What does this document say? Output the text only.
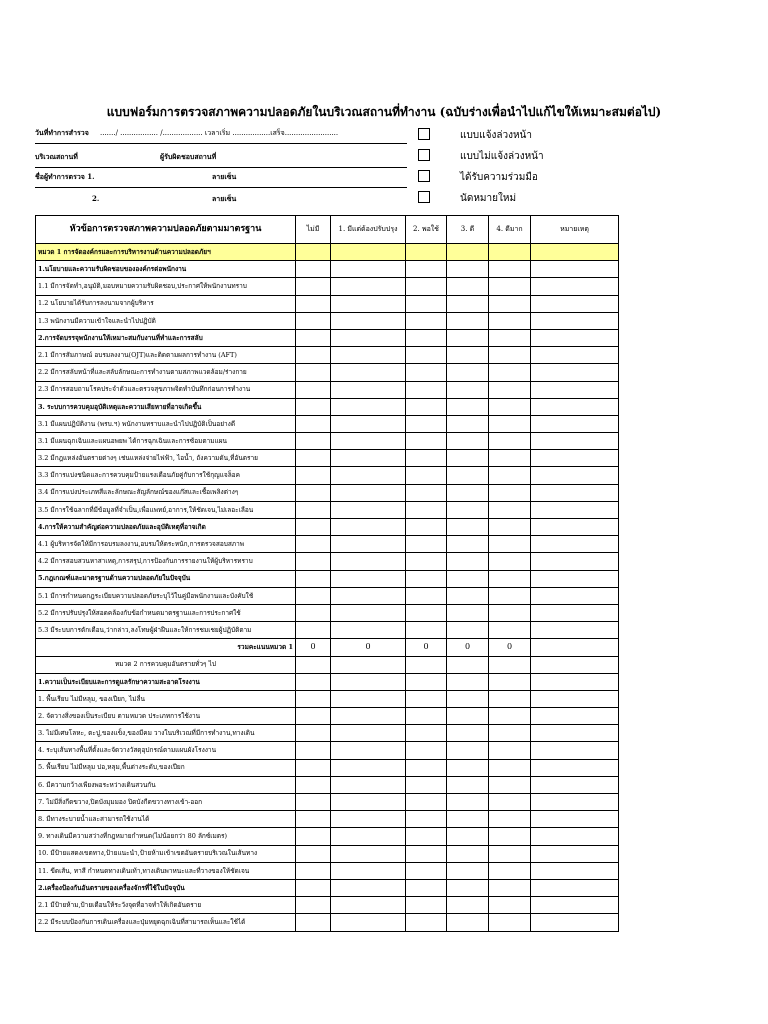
แบบฟอร์มการตรวจสภาพความปลอดภัยในบริเวณสถานที่ทำงาน (ฉบับร่างเพื่อนำไปแก้ไขให้เหมาะสมต่อไป)
วันที่ทำการสำรวจ ......./ ................. /.................. เวลาเริ่ม .................เสร็จ........................
บริเวณสถานที่	ผู้รับผิดชอบสถานที่
ชื่อผู้ทำการตรวจ 1.	ลายเซ็น
2.	ลายเซ็น
แบบแจ้งล่วงหน้า
แบบไม่แจ้งล่วงหน้า
ได้รับความร่วมมือ
นัดหมายใหม่
หัวข้อการตรวจสภาพความปลอดภัยตามมาตรฐาน	ไม่มี	1. มีแต่ต้องปรับปรุง	2. พอใช้	3. ดี	4. ดีมาก	หมายเหตุ
หมวด 1 การจัดองค์กรและการบริหารงานด้านความปลอดภัยฯ						
1.นโยบายและความรับผิดชอบขององค์กรต่อพนักงาน						
1.1 มีการจัดทำ,อนุมัติ,มอบหมายความรับผิดชอบ,ประกาศให้พนักงานทราบ						
1.2 นโยบายได้รับการลงนามจากผู้บริหาร						
1.3 พนักงานมีความเข้าใจและนำไปปฏิบัติ						
2.การจัดบรรจุพนักงานให้เหมาะสมกับงานที่ทำและการสลับ						
2.1 มีการสัมภาษณ์ อบรมลงงาน(OJT)และติดตามผลการทำงาน (AFT)						
2.2 มีการสลับหน้าที่และสลับลักษณะการทำงานตามสภาพแวดล้อม/ร่างกาย						
2.3 มีการสอบถามโรคประจำตัวและตรวจสุขภาพจิตทำบันทึกก่อนการทำงาน						
3. ระบบการควบคุมอุบัติเหตุและความเสียหายที่อาจเกิดขึ้น						
3.1 มีแผนปฏิบัติงาน (พรบ.ฯ) พนักงานทราบและนำไปปฏิบัติเป็นอย่างดี						
3.1 มีแผนฉุกเฉินและแผนอพยพ ได้การฉุกเฉินและการซ้อมตามแผน						
3.2 มีกฎแหล่งอันตรายต่างๆ เช่นแหล่งจ่ายไฟฟ้า, ไอน้ำ, ถังความดัน,ที่อันตราย						
3.3 มีการแบ่งชนิดและการควบคุมป้ายแรงเตือนภัยคู่กับการใช้กุญแจล็อค						
3.4 มีการแบ่งประเภทสีและลักษณะสัญลักษณ์ของแก๊สและเชื้อเพลิงต่างๆ						
3.5 มีการใช้ฉลากที่มีข้อมูลที่จำเป็น,เพื่อแพทย์,อาการ,ให้ชัดเจน,ไม่เลอะเลือน						
4.การให้ความสำคัญต่อความปลอดภัยและอุบัติเหตุที่อาจเกิด						
4.1 ผู้บริหารจัดให้มีการอบรมลงงาน,อบรมให้ตระหนัก,การตรวจสอบสภาพ						
4.2 มีการสอบสวนหาสาเหตุ,การสรุป,การป้องกันการรายงานให้ผู้บริหารทราบ						
5.กฎเกณฑ์และมาตรฐานด้านความปลอดภัยในปัจจุบัน						
5.1 มีการกำหนดกฎระเบียบความปลอดภัยระบุไว้ในคู่มือพนักงานและบังคับใช้						
5.2 มีการปรับปรุงให้สอดคล้องกับข้อกำหนดมาตรฐานและการประกาศใช้						
5.3 มีระบบการตักเตือน,ว่ากล่าว,ลงโทษผู้ฝ่าฝืนและให้การชมเชยผู้ปฏิบัติตาม						
รวมคะแนนหมวด 1	0	0	0	0	0	
หมวด 2 การควบคุมอันตรายทั่วๆ ไป						
1.ความเป็นระเบียบและการดูแลรักษาความสะอาดโรงงาน						
1. พื้นเรียบ ไม่มีหลุม, ของเปียก, ไม่ลื่น						
2. จัดวางสิ่งของเป็นระเบียบ ตามหมวด ประเภทการใช้งาน						
3. ไม่มีเศษโลหะ, ตะปู,ของแข็ง,ของมีคม วางในบริเวณที่มีการทำงาน,ทางเดิน						
4. ระบุเส้นทางพื้นที่ตั้งและจัดวางวัสดุอุปกรณ์ตามแผนผังโรงงาน						
5. พื้นเรียบ ไม่มีหลุม บ่อ,หลุม,พื้นต่างระดับ,ของเปียก						
6. มีความกว้างเพียงพอระหว่างเดินสวนกัน						
7. ไม่มีสิ่งกีดขวาง,ปิดบังมุมมอง ปิดบังกีดขวางทางเข้า-ออก						
8. มีทางระบายน้ำและสามารถใช้งานได้						
9. ทางเดินมีความสว่างที่กฎหมายกำหนด(ไม่น้อยกว่า 80 ลักซ์เมตร)						
10. มีป้ายแสดงเขตทาง,ป้ายแนะนำ,ป้ายห้ามเข้าเขตอันตรายบริเวณในเส้นทาง						
11. ขีดเส้น, ทาสี กำหนดทางเดินเท้า,ทางเดินพาหนะและที่วางของให้ชัดเจน						
2.เครื่องป้องกันอันตรายของเครื่องจักรที่ใช้ในปัจจุบัน						
2.1 มีป้ายห้าม,ป้ายเตือนให้ระวังจุดที่อาจทำให้เกิดอันตราย						
2.2 มีระบบป้องกันการเดินเครื่องและปุ่มหยุดฉุกเฉินที่สามารถเห็นและใช้ได้						
